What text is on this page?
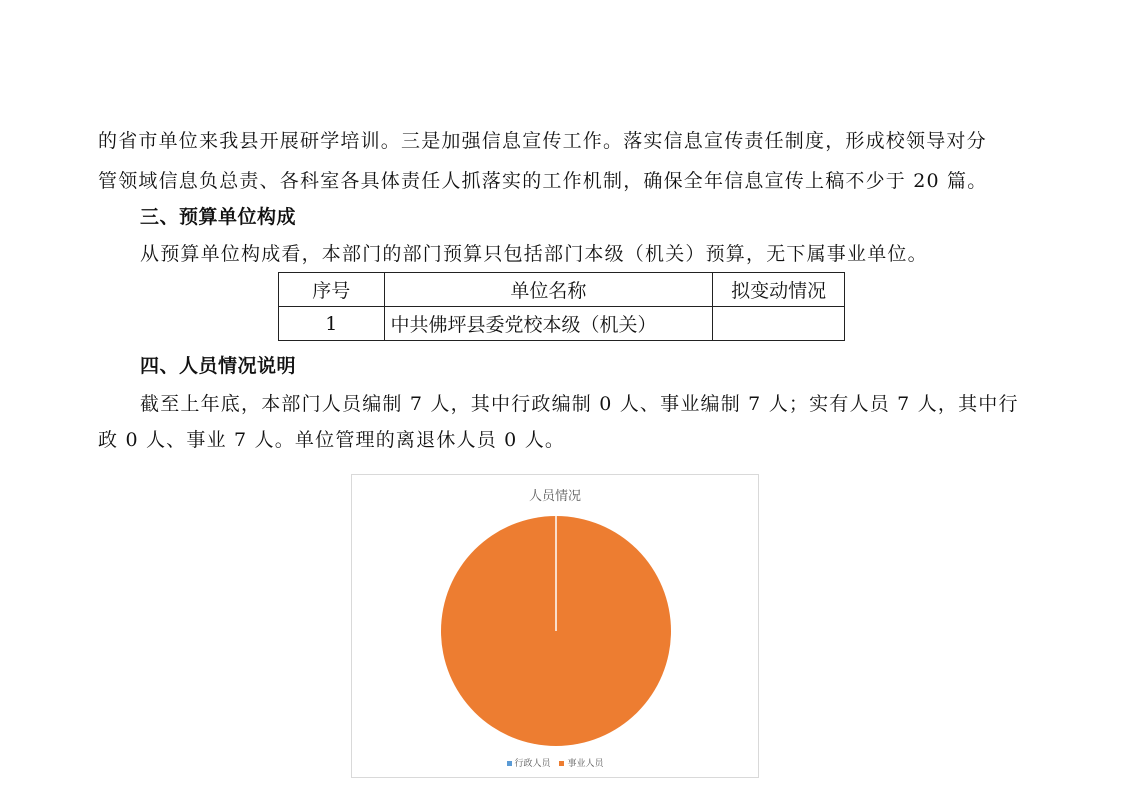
的省市单位来我县开展研学培训。三是加强信息宣传工作。落实信息宣传责任制度，形成校领导对分
管领域信息负总责、各科室各具体责任人抓落实的工作机制，确保全年信息宣传上稿不少于 20 篇。
三、预算单位构成
从预算单位构成看，本部门的部门预算只包括部门本级（机关）预算，无下属事业单位。
序号	单位名称	拟变动情况
1	中共佛坪县委党校本级（机关）	
四、人员情况说明
截至上年底，本部门人员编制 7 人，其中行政编制 0 人、事业编制 7 人；实有人员 7 人，其中行
政 0 人、事业 7 人。单位管理的离退休人员 0 人。
人员情况
行政人员 事业人员
